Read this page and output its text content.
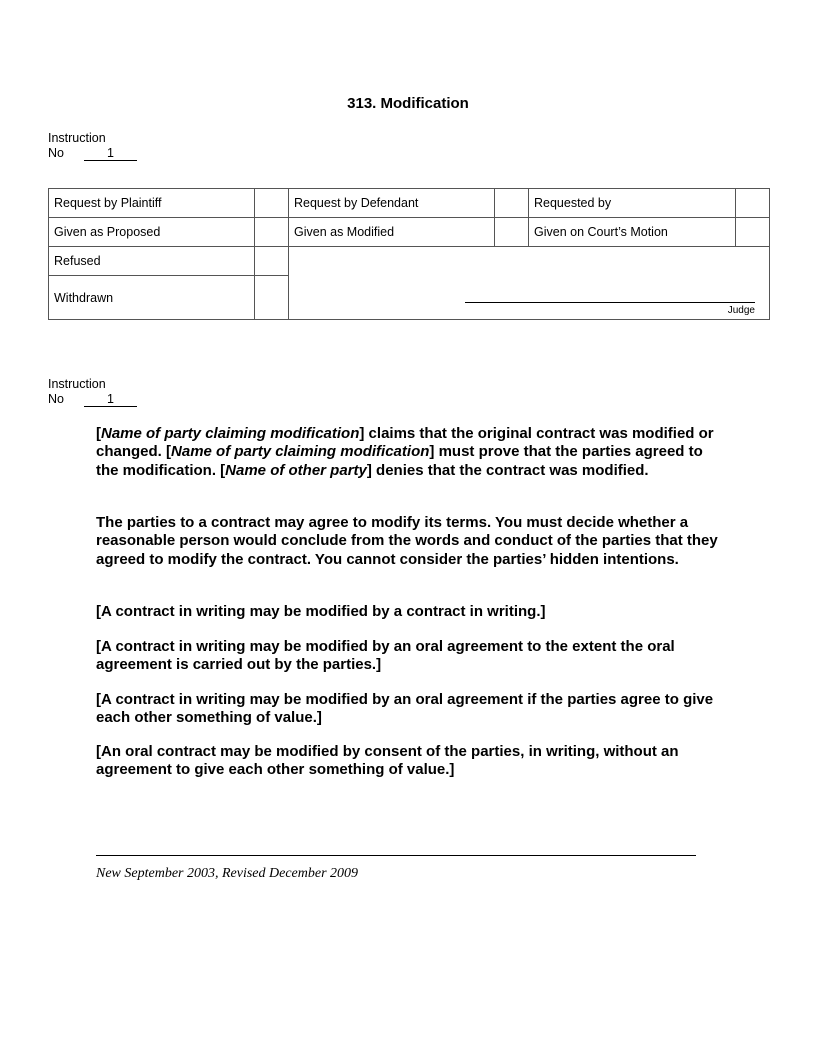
313. Modification
Instruction
No	1
Request by Plaintiff		Request by Defendant		Requested by	
Given as Proposed		Given as Modified		Given on Court’s Motion	
Refused		Judge			

Withdrawn					
Instruction
No	1

[Name of party claiming modification] claims that the original contract was modified or changed. [Name of party claiming modification] must prove that the parties agreed to the modification. [Name of other party] denies that the contract was modified.

The parties to a contract may agree to modify its terms. You must decide whether a reasonable person would conclude from the words and conduct of the parties that they agreed to modify the contract. You cannot consider the parties’ hidden intentions.

[A contract in writing may be modified by a contract in writing.]

[A contract in writing may be modified by an oral agreement to the extent the oral agreement is carried out by the parties.]

[A contract in writing may be modified by an oral agreement if the parties agree to give each other something of value.]

[An oral contract may be modified by consent of the parties, in writing, without an agreement to give each other something of value.]

New September 2003, Revised December 2009
